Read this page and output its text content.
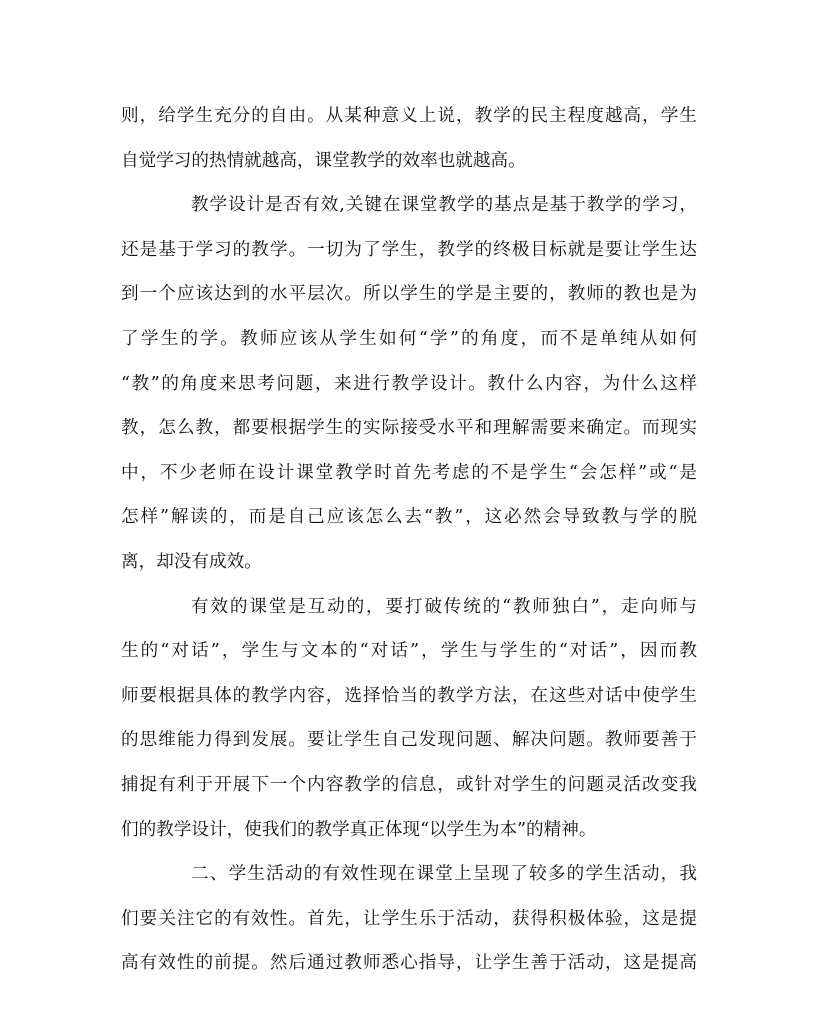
则，给学生充分的自由。从某种意义上说，教学的民主程度越高，学生
自觉学习的热情就越高，课堂教学的效率也就越高。
教学设计是否有效,关键在课堂教学的基点是基于教学的学习，
还是基于学习的教学。一切为了学生，教学的终极目标就是要让学生达
到一个应该达到的水平层次。所以学生的学是主要的，教师的教也是为
了学生的学。教师应该从学生如何“学”的角度，而不是单纯从如何
“教”的角度来思考问题，来进行教学设计。教什么内容，为什么这样
教，怎么教，都要根据学生的实际接受水平和理解需要来确定。而现实
中，不少老师在设计课堂教学时首先考虑的不是学生“会怎样”或“是
怎样”解读的，而是自己应该怎么去“教”，这必然会导致教与学的脱
离，却没有成效。
有效的课堂是互动的，要打破传统的“教师独白”，走向师与
生的“对话”，学生与文本的“对话”，学生与学生的“对话”，因而教
师要根据具体的教学内容，选择恰当的教学方法，在这些对话中使学生
的思维能力得到发展。要让学生自己发现问题、解决问题。教师要善于
捕捉有利于开展下一个内容教学的信息，或针对学生的问题灵活改变我
们的教学设计，使我们的教学真正体现“以学生为本”的精神。
二、学生活动的有效性现在课堂上呈现了较多的学生活动，我
们要关注它的有效性。首先，让学生乐于活动，获得积极体验，这是提
高有效性的前提。然后通过教师悉心指导，让学生善于活动，这是提高
